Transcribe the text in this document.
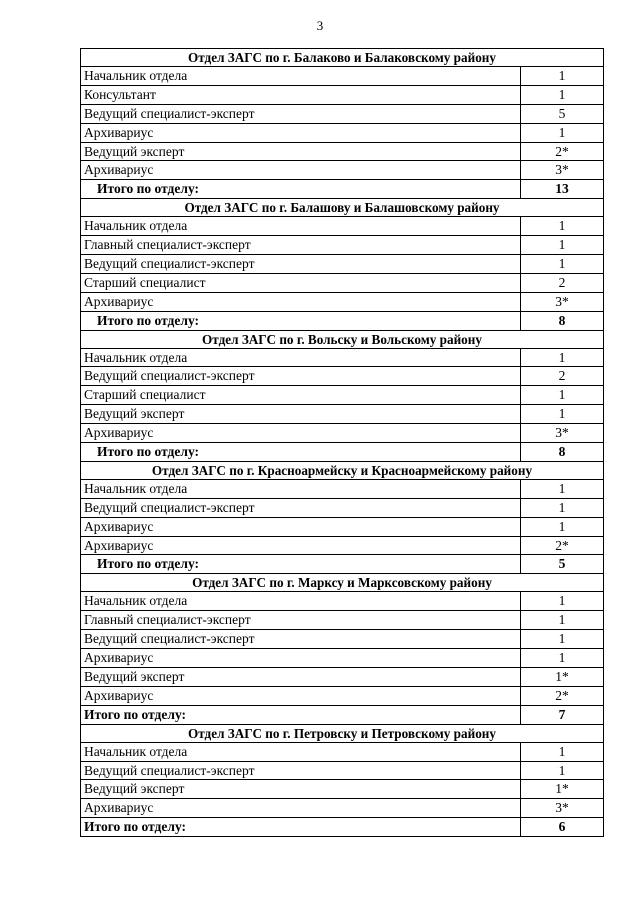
3
Отдел ЗАГС по г. Балаково и Балаковскому району
Начальник отдела	1
Консультант	1
Ведущий специалист-эксперт	5
Архивариус	1
Ведущий эксперт	2*
Архивариус	3*
Итого по отделу:	13
Отдел ЗАГС по г. Балашову и Балашовскому району
Начальник отдела	1
Главный специалист-эксперт	1
Ведущий специалист-эксперт	1
Старший специалист	2
Архивариус	3*
Итого по отделу:	8
Отдел ЗАГС по г. Вольску и Вольскому району
Начальник отдела	1
Ведущий специалист-эксперт	2
Старший специалист	1
Ведущий эксперт	1
Архивариус	3*
Итого по отделу:	8
Отдел ЗАГС по г. Красноармейску и Красноармейскому району
Начальник отдела	1
Ведущий специалист-эксперт	1
Архивариус	1
Архивариус	2*
Итого по отделу:	5
Отдел ЗАГС по г. Марксу и Марксовскому району
Начальник отдела	1
Главный специалист-эксперт	1
Ведущий специалист-эксперт	1
Архивариус	1
Ведущий эксперт	1*
Архивариус	2*
Итого по отделу:	7
Отдел ЗАГС по г. Петровску и Петровскому району
Начальник отдела	1
Ведущий специалист-эксперт	1
Ведущий эксперт	1*
Архивариус	3*
Итого по отделу:	6
